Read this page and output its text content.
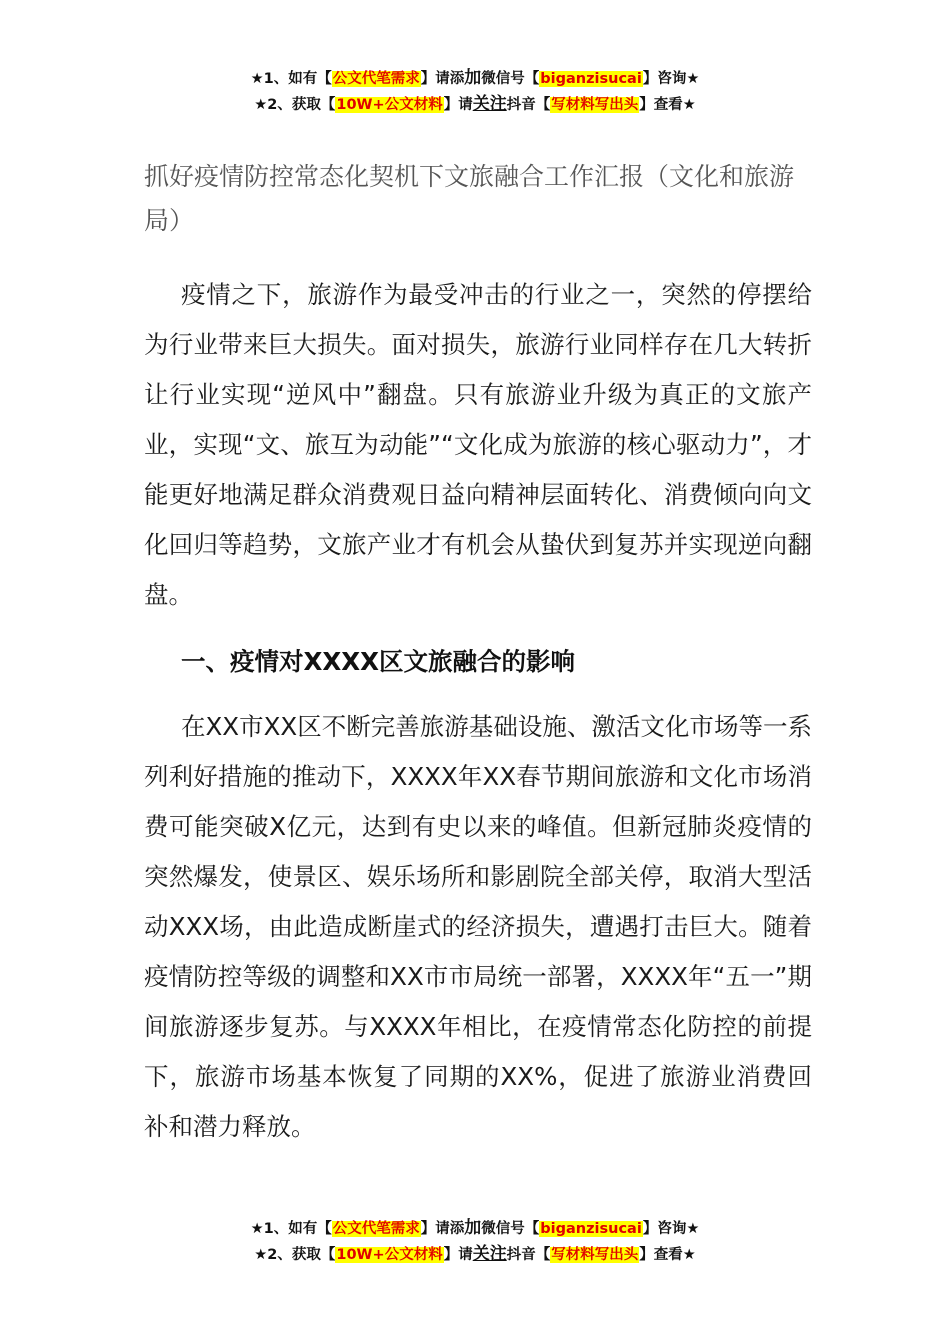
★1、如有【公文代笔需求】请添加微信号【biganzisucai】咨询★
★2、获取【10W+公文材料】请关注抖音【写材料写出头】查看★
抓好疫情防控常态化契机下文旅融合工作汇报（文化和旅游局）

疫情之下，旅游作为最受冲击的行业之一，突然的停摆给为行业带来巨大损失。面对损失，旅游行业同样存在几大转折让行业实现“逆风中”翻盘。只有旅游业升级为真正的文旅产业，实现“文、旅互为动能”“文化成为旅游的核心驱动力”，才能更好地满足群众消费观日益向精神层面转化、消费倾向向文化回归等趋势，文旅产业才有机会从蛰伏到复苏并实现逆向翻盘。

一、疫情对XXXX区文旅融合的影响

在XX市XX区不断完善旅游基础设施、激活文化市场等一系列利好措施的推动下，XXXX年XX春节期间旅游和文化市场消费可能突破X亿元，达到有史以来的峰值。但新冠肺炎疫情的突然爆发，使景区、娱乐场所和影剧院全部关停，取消大型活动XXX场，由此造成断崖式的经济损失，遭遇打击巨大。随着疫情防控等级的调整和XX市市局统一部署，XXXX年“五一”期间旅游逐步复苏。与XXXX年相比，在疫情常态化防控的前提下，旅游市场基本恢复了同期的XX%，促进了旅游业消费回补和潜力释放。

★1、如有【公文代笔需求】请添加微信号【biganzisucai】咨询★
★2、获取【10W+公文材料】请关注抖音【写材料写出头】查看★
